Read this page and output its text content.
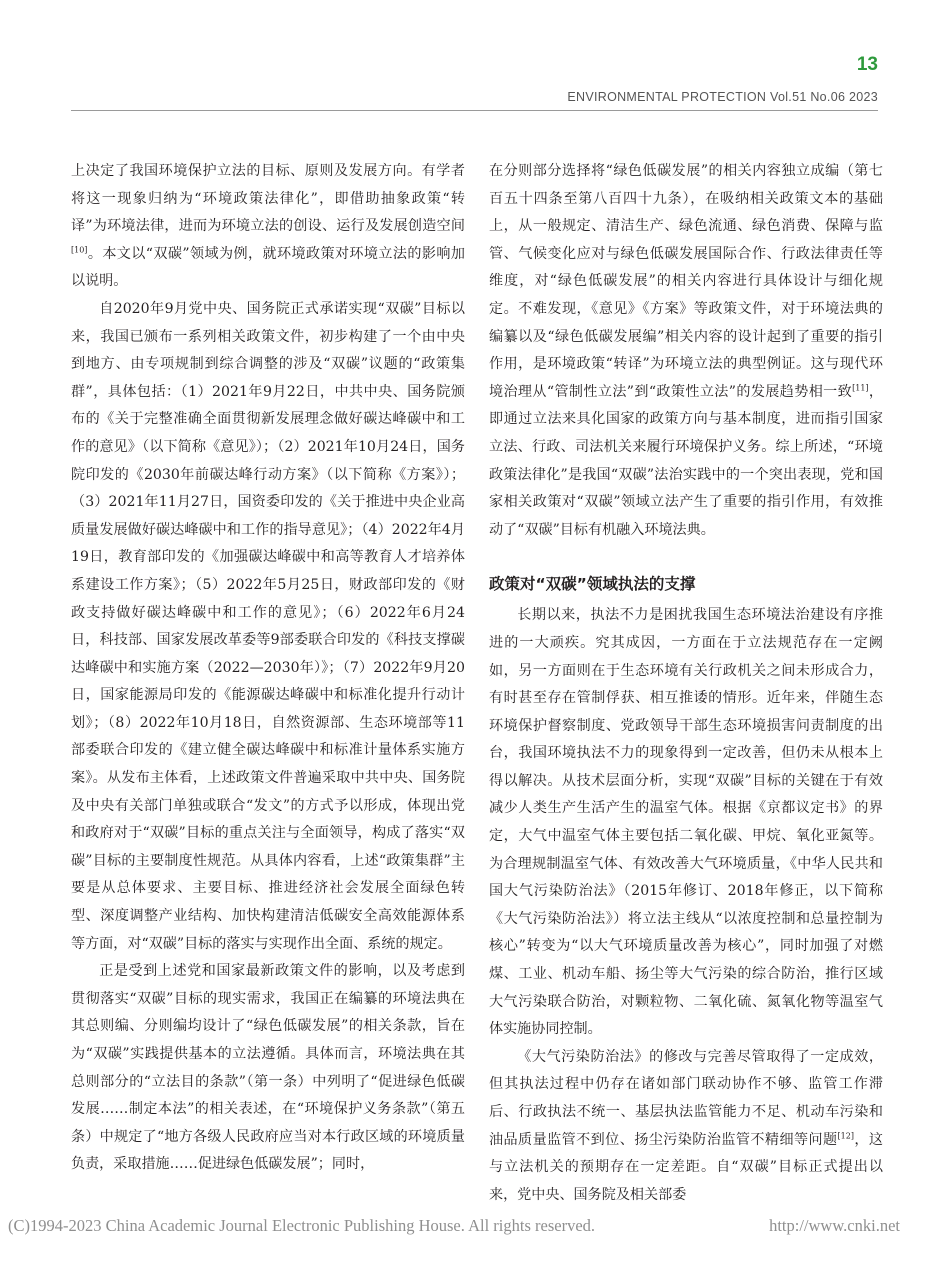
13
ENVIRONMENTAL PROTECTION Vol.51 No.06 2023

上决定了我国环境保护立法的目标、原则及发展方向。有学者将这一现象归纳为“环境政策法律化”，即借助抽象政策“转译”为环境法律，进而为环境立法的创设、运行及发展创造空间[10]。本文以“双碳”领域为例，就环境政策对环境立法的影响加以说明。

自2020年9月党中央、国务院正式承诺实现“双碳”目标以来，我国已颁布一系列相关政策文件，初步构建了一个由中央到地方、由专项规制到综合调整的涉及“双碳”议题的“政策集群”，具体包括：（1）2021年9月22日，中共中央、国务院颁布的《关于完整准确全面贯彻新发展理念做好碳达峰碳中和工作的意见》（以下简称《意见》）；（2）2021年10月24日，国务院印发的《2030年前碳达峰行动方案》（以下简称《方案》）；（3）2021年11月27日，国资委印发的《关于推进中央企业高质量发展做好碳达峰碳中和工作的指导意见》；（4）2022年4月19日，教育部印发的《加强碳达峰碳中和高等教育人才培养体系建设工作方案》；（5）2022年5月25日，财政部印发的《财政支持做好碳达峰碳中和工作的意见》；（6）2022年6月24日，科技部、国家发展改革委等9部委联合印发的《科技支撑碳达峰碳中和实施方案（2022—2030年）》；（7）2022年9月20日，国家能源局印发的《能源碳达峰碳中和标准化提升行动计划》；（8）2022年10月18日，自然资源部、生态环境部等11部委联合印发的《建立健全碳达峰碳中和标准计量体系实施方案》。从发布主体看，上述政策文件普遍采取中共中央、国务院及中央有关部门单独或联合“发文”的方式予以形成，体现出党和政府对于“双碳”目标的重点关注与全面领导，构成了落实“双碳”目标的主要制度性规范。从具体内容看，上述“政策集群”主要是从总体要求、主要目标、推进经济社会发展全面绿色转型、深度调整产业结构、加快构建清洁低碳安全高效能源体系等方面，对“双碳”目标的落实与实现作出全面、系统的规定。

正是受到上述党和国家最新政策文件的影响，以及考虑到贯彻落实“双碳”目标的现实需求，我国正在编纂的环境法典在其总则编、分则编均设计了“绿色低碳发展”的相关条款，旨在为“双碳”实践提供基本的立法遵循。具体而言，环境法典在其总则部分的“立法目的条款”（第一条）中列明了“促进绿色低碳发展……制定本法”的相关表述，在“环境保护义务条款”（第五条）中规定了“地方各级人民政府应当对本行政区域的环境质量负责，采取措施……促进绿色低碳发展”；同时，

在分则部分选择将“绿色低碳发展”的相关内容独立成编（第七百五十四条至第八百四十九条），在吸纳相关政策文本的基础上，从一般规定、清洁生产、绿色流通、绿色消费、保障与监管、气候变化应对与绿色低碳发展国际合作、行政法律责任等维度，对“绿色低碳发展”的相关内容进行具体设计与细化规定。不难发现，《意见》《方案》等政策文件，对于环境法典的编纂以及“绿色低碳发展编”相关内容的设计起到了重要的指引作用，是环境政策“转译”为环境立法的典型例证。这与现代环境治理从“管制性立法”到“政策性立法”的发展趋势相一致[11]，即通过立法来具化国家的政策方向与基本制度，进而指引国家立法、行政、司法机关来履行环境保护义务。综上所述，“环境政策法律化”是我国“双碳”法治实践中的一个突出表现，党和国家相关政策对“双碳”领域立法产生了重要的指引作用，有效推动了“双碳”目标有机融入环境法典。

政策对“双碳”领域执法的支撑

长期以来，执法不力是困扰我国生态环境法治建设有序推进的一大顽疾。究其成因，一方面在于立法规范存在一定阙如，另一方面则在于生态环境有关行政机关之间未形成合力，有时甚至存在管制俘获、相互推诿的情形。近年来，伴随生态环境保护督察制度、党政领导干部生态环境损害问责制度的出台，我国环境执法不力的现象得到一定改善，但仍未从根本上得以解决。从技术层面分析，实现“双碳”目标的关键在于有效减少人类生产生活产生的温室气体。根据《京都议定书》的界定，大气中温室气体主要包括二氧化碳、甲烷、氧化亚氮等。为合理规制温室气体、有效改善大气环境质量，《中华人民共和国大气污染防治法》（2015年修订、2018年修正，以下简称《大气污染防治法》）将立法主线从“以浓度控制和总量控制为核心”转变为“以大气环境质量改善为核心”，同时加强了对燃煤、工业、机动车船、扬尘等大气污染的综合防治，推行区域大气污染联合防治，对颗粒物、二氧化硫、氮氧化物等温室气体实施协同控制。

《大气污染防治法》的修改与完善尽管取得了一定成效，但其执法过程中仍存在诸如部门联动协作不够、监管工作滞后、行政执法不统一、基层执法监管能力不足、机动车污染和油品质量监管不到位、扬尘污染防治监管不精细等问题[12]，这与立法机关的预期存在一定差距。自“双碳”目标正式提出以来，党中央、国务院及相关部委

(C)1994-2023 China Academic Journal Electronic Publishing House. All rights reserved.	http://www.cnki.net
